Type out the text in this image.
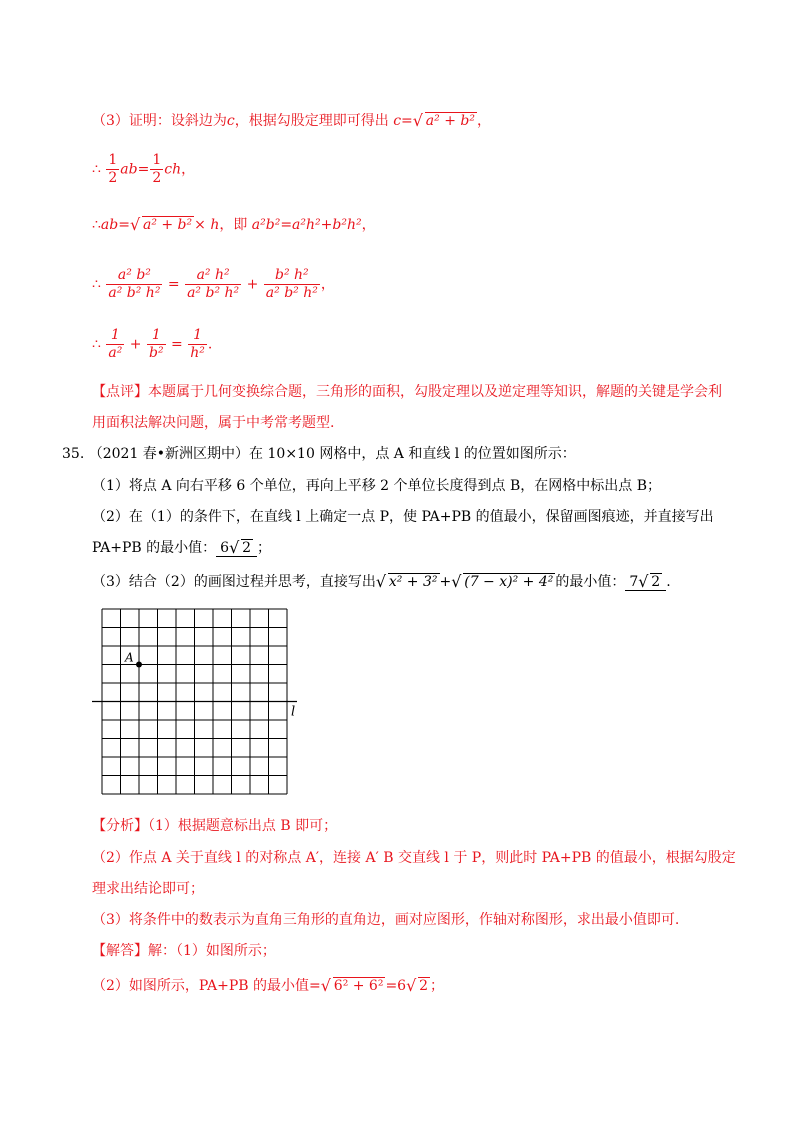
（3）证明：设斜边为c，根据勾股定理即可得出 c= √ a² + b² ，
∴ $\frac{1}{2} ab= \frac{1}{2}$ ch，
∴ab= √ a² + b² × h，即 a²b²=a²h²+b²h²，
∴ $\frac{\text{a² b²}}{\text{a² b² h²}} = \frac{\text{a² h²}}{\text{a² b² h²}} + \frac{\text{b² h²}}{\text{a² b² h²}}$ ，
∴ $\frac{1}{\text{a²}} + \frac{1}{\text{b²}} = \frac{1}{\text{h²}}$ .
【点评】本题属于几何变换综合题，三角形的面积，勾股定理以及逆定理等知识，解题的关键是学会利
用面积法解决问题，属于中考常考题型.
35. （2021 春•新洲区期中）在 10×10 网格中，点 A 和直线 l 的位置如图所示：
（1）将点 A 向右平移 6 个单位，再向上平移 2 个单位长度得到点 B，在网格中标出点 B；
（2）在（1）的条件下，在直线 l 上确定一点 P，使 PA+PB 的值最小，保留画图痕迹，并直接写出
PA+PB 的最小值： 6 √ 2 ；
（3）结合（2）的画图过程并思考，直接写出 √ x² + 3² + √ (7 − x)² + 4² 的最小值： 7 √ 2 .
l
A
【分析】（1）根据题意标出点 B 即可；
（2）作点 A 关于直线 l 的对称点 A′，连接 A′ B 交直线 l 于 P，则此时 PA+PB 的值最小，根据勾股定
理求出结论即可；
（3）将条件中的数表示为直角三角形的直角边，画对应图形，作轴对称图形，求出最小值即可.
【解答】解：（1）如图所示；
（2）如图所示，PA+PB 的最小值= √ 6² + 6² =6 √ 2 ；
